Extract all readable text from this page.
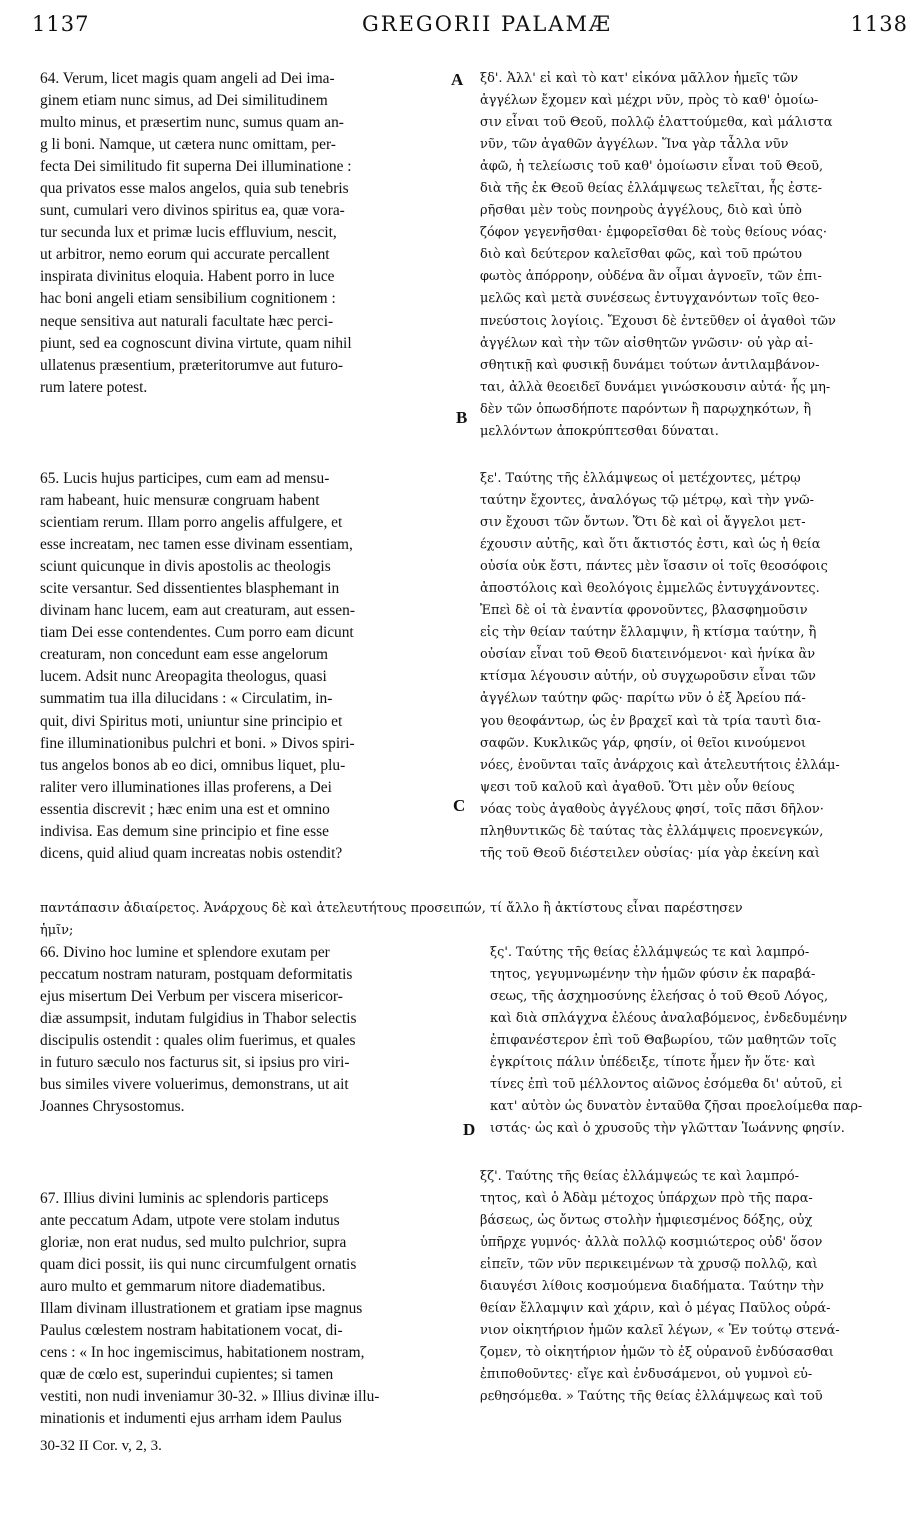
1137	GREGORII PALAMÆ	1138
A
B
C
D
64. Verum, licet magis quam angeli ad Dei ima-
ginem etiam nunc simus, ad Dei similitudinem
multo minus, et præsertim nunc, sumus quam an-
g li boni. Namque, ut cætera nunc omittam, per-
fecta Dei similitudo fit superna Dei illuminatione :
qua privatos esse malos angelos, quia sub tenebris
sunt, cumulari vero divinos spiritus ea, quæ vora-
tur secunda lux et primæ lucis effluvium, nescit,
ut arbitror, nemo eorum qui accurate percallent
inspirata divinitus eloquia. Habent porro in luce
hac boni angeli etiam sensibilium cognitionem :
neque sensitiva aut naturali facultate hæc perci-
piunt, sed ea cognoscunt divina virtute, quam nihil
ullatenus præsentium, præteritorumve aut futuro-
rum latere potest.
65. Lucis hujus participes, cum eam ad mensu-
ram habeant, huic mensuræ congruam habent
scientiam rerum. Illam porro angelis affulgere, et
esse increatam, nec tamen esse divinam essentiam,
sciunt quicunque in divis apostolis ac theologis
scite versantur. Sed dissentientes blasphemant in
divinam hanc lucem, eam aut creaturam, aut essen-
tiam Dei esse contendentes. Cum porro eam dicunt
creaturam, non concedunt eam esse angelorum
lucem. Adsit nunc Areopagita theologus, quasi
summatim tua illa dilucidans : « Circulatim, in-
quit, divi Spiritus moti, uniuntur sine principio et
fine illuminationibus pulchri et boni. » Divos spiri-
tus angelos bonos ab eo dici, omnibus liquet, plu-
raliter vero illuminationes illas proferens, a Dei
essentia discrevit ; hæc enim una est et omnino
indivisa. Eas demum sine principio et fine esse
dicens, quid aliud quam increatas nobis ostendit?
66. Divino hoc lumine et splendore exutam per
peccatum nostram naturam, postquam deformitatis
ejus misertum Dei Verbum per viscera misericor-
diæ assumpsit, indutam fulgidius in Thabor selectis
discipulis ostendit : quales olim fuerimus, et quales
in futuro sæculo nos facturus sit, si ipsius pro viri-
bus similes vivere voluerimus, demonstrans, ut ait
Joannes Chrysostomus.
67. Illius divini luminis ac splendoris particeps
ante peccatum Adam, utpote vere stolam indutus
gloriæ, non erat nudus, sed multo pulchrior, supra
quam dici possit, iis qui nunc circumfulgent ornatis
auro multo et gemmarum nitore diadematibus.
Illam divinam illustrationem et gratiam ipse magnus
Paulus cœlestem nostram habitationem vocat, di-
cens : « In hoc ingemiscimus, habitationem nostram,
quæ de cœlo est, superindui cupientes; si tamen
vestiti, non nudi inveniamur 30-32. » Illius divinæ illu-
minationis et indumenti ejus arrham idem Paulus
ξδ'. Ἀλλ' εἰ καὶ τὸ κατ' εἰκόνα μᾶλλον ἡμεῖς τῶν
ἀγγέλων ἔχομεν καὶ μέχρι νῦν, πρὸς τὸ καθ' ὁμοίω-
σιν εἶναι τοῦ Θεοῦ, πολλῷ ἐλαττούμεθα, καὶ μάλιστα
νῦν, τῶν ἀγαθῶν ἀγγέλων. Ἵνα γὰρ τἆλλα νῦν
ἀφῶ, ἡ τελείωσις τοῦ καθ' ὁμοίωσιν εἶναι τοῦ Θεοῦ,
διὰ τῆς ἐκ Θεοῦ θείας ἐλλάμψεως τελεῖται, ἧς ἐστε-
ρῆσθαι μὲν τοὺς πονηροὺς ἀγγέλους, διὸ καὶ ὑπὸ
ζόφον γεγενῆσθαι· ἐμφορεῖσθαι δὲ τοὺς θείους νόας·
διὸ καὶ δεύτερον καλεῖσθαι φῶς, καὶ τοῦ πρώτου
φωτὸς ἀπόρροην, οὐδένα ἂν οἶμαι ἀγνοεῖν, τῶν ἐπι-
μελῶς καὶ μετὰ συνέσεως ἐντυγχανόντων τοῖς θεο-
πνεύστοις λογίοις. Ἔχουσι δὲ ἐντεῦθεν οἱ ἀγαθοὶ τῶν
ἀγγέλων καὶ τὴν τῶν αἰσθητῶν γνῶσιν· οὐ γὰρ αἰ-
σθητικῇ καὶ φυσικῇ δυνάμει τούτων ἀντιλαμβάνον-
ται, ἀλλὰ θεοειδεῖ δυνάμει γινώσκουσιν αὐτά· ἧς μη-
δὲν τῶν ὁπωσδήποτε παρόντων ἢ παρῳχηκότων, ἢ
μελλόντων ἀποκρύπτεσθαι δύναται.
ξε'. Ταύτης τῆς ἐλλάμψεως οἱ μετέχοντες, μέτρῳ
ταύτην ἔχοντες, ἀναλόγως τῷ μέτρῳ, καὶ τὴν γνῶ-
σιν ἔχουσι τῶν ὄντων. Ὅτι δὲ καὶ οἱ ἄγγελοι μετ-
έχουσιν αὐτῆς, καὶ ὅτι ἄκτιστός ἐστι, καὶ ὡς ἡ θεία
οὐσία οὐκ ἔστι, πάντες μὲν ἴσασιν οἱ τοῖς θεοσόφοις
ἀποστόλοις καὶ θεολόγοις ἐμμελῶς ἐντυγχάνοντες.
Ἐπεὶ δὲ οἱ τὰ ἐναντία φρονοῦντες, βλασφημοῦσιν
εἰς τὴν θείαν ταύτην ἔλλαμψιν, ἢ κτίσμα ταύτην, ἢ
οὐσίαν εἶναι τοῦ Θεοῦ διατεινόμενοι· καὶ ἡνίκα ἂν
κτίσμα λέγουσιν αὐτήν, οὐ συγχωροῦσιν εἶναι τῶν
ἀγγέλων ταύτην φῶς· παρίτω νῦν ὁ ἐξ Ἀρείου πά-
γου θεοφάντωρ, ὡς ἐν βραχεῖ καὶ τὰ τρία ταυτὶ δια-
σαφῶν. Κυκλικῶς γάρ, φησίν, οἱ θεῖοι κινούμενοι
νόες, ἑνοῦνται ταῖς ἀνάρχοις καὶ ἀτελευτήτοις ἐλλάμ-
ψεσι τοῦ καλοῦ καὶ ἀγαθοῦ. Ὅτι μὲν οὖν θείους
νόας τοὺς ἀγαθοὺς ἀγγέλους φησί, τοῖς πᾶσι δῆλον·
πληθυντικῶς δὲ ταύτας τὰς ἐλλάμψεις προενεγκών,
τῆς τοῦ Θεοῦ διέστειλεν οὐσίας· μία γὰρ ἐκείνη καὶ
παντάπασιν ἀδιαίρετος. Ἀνάρχους δὲ καὶ ἀτελευτήτους προσειπών, τί ἄλλο ἢ ἀκτίστους εἶναι παρέστησεν
ἡμῖν;
ξς'. Ταύτης τῆς θείας ἐλλάμψεώς τε καὶ λαμπρό-
τητος, γεγυμνωμένην τὴν ἡμῶν φύσιν ἐκ παραβά-
σεως, τῆς ἀσχημοσύνης ἐλεήσας ὁ τοῦ Θεοῦ Λόγος,
καὶ διὰ σπλάγχνα ἐλέους ἀναλαβόμενος, ἐνδεδυμένην
ἐπιφανέστερον ἐπὶ τοῦ Θαβωρίου, τῶν μαθητῶν τοῖς
ἐγκρίτοις πάλιν ὑπέδειξε, τίποτε ἦμεν ἤν ὅτε· καὶ
τίνες ἐπὶ τοῦ μέλλοντος αἰῶνος ἐσόμεθα δι' αὐτοῦ, εἰ
κατ' αὐτὸν ὡς δυνατὸν ἐνταῦθα ζῆσαι προελοίμεθα παρ-
ιστάς· ὡς καὶ ὁ χρυσοῦς τὴν γλῶτταν Ἰωάννης φησίν.
ξζ'. Ταύτης τῆς θείας ἐλλάμψεώς τε καὶ λαμπρό-
τητος, καὶ ὁ Ἀδὰμ μέτοχος ὑπάρχων πρὸ τῆς παρα-
βάσεως, ὡς ὄντως στολὴν ἠμφιεσμένος δόξης, οὐχ
ὑπῆρχε γυμνός· ἀλλὰ πολλῷ κοσμιώτερος οὐδ' ὅσον
εἰπεῖν, τῶν νῦν περικειμένων τὰ χρυσῷ πολλῷ, καὶ
διαυγέσι λίθοις κοσμούμενα διαδήματα. Ταύτην τὴν
θείαν ἔλλαμψιν καὶ χάριν, καὶ ὁ μέγας Παῦλος οὐρά-
νιον οἰκητήριον ἡμῶν καλεῖ λέγων, « Ἐν τούτῳ στενά-
ζομεν, τὸ οἰκητήριον ἡμῶν τὸ ἐξ οὐρανοῦ ἐνδύσασθαι
ἐπιποθοῦντες· εἴγε καὶ ἐνδυσάμενοι, οὐ γυμνοὶ εὑ-
ρεθησόμεθα. » Ταύτης τῆς θείας ἐλλάμψεως καὶ τοῦ
30-32 II Cor. v, 2, 3.
